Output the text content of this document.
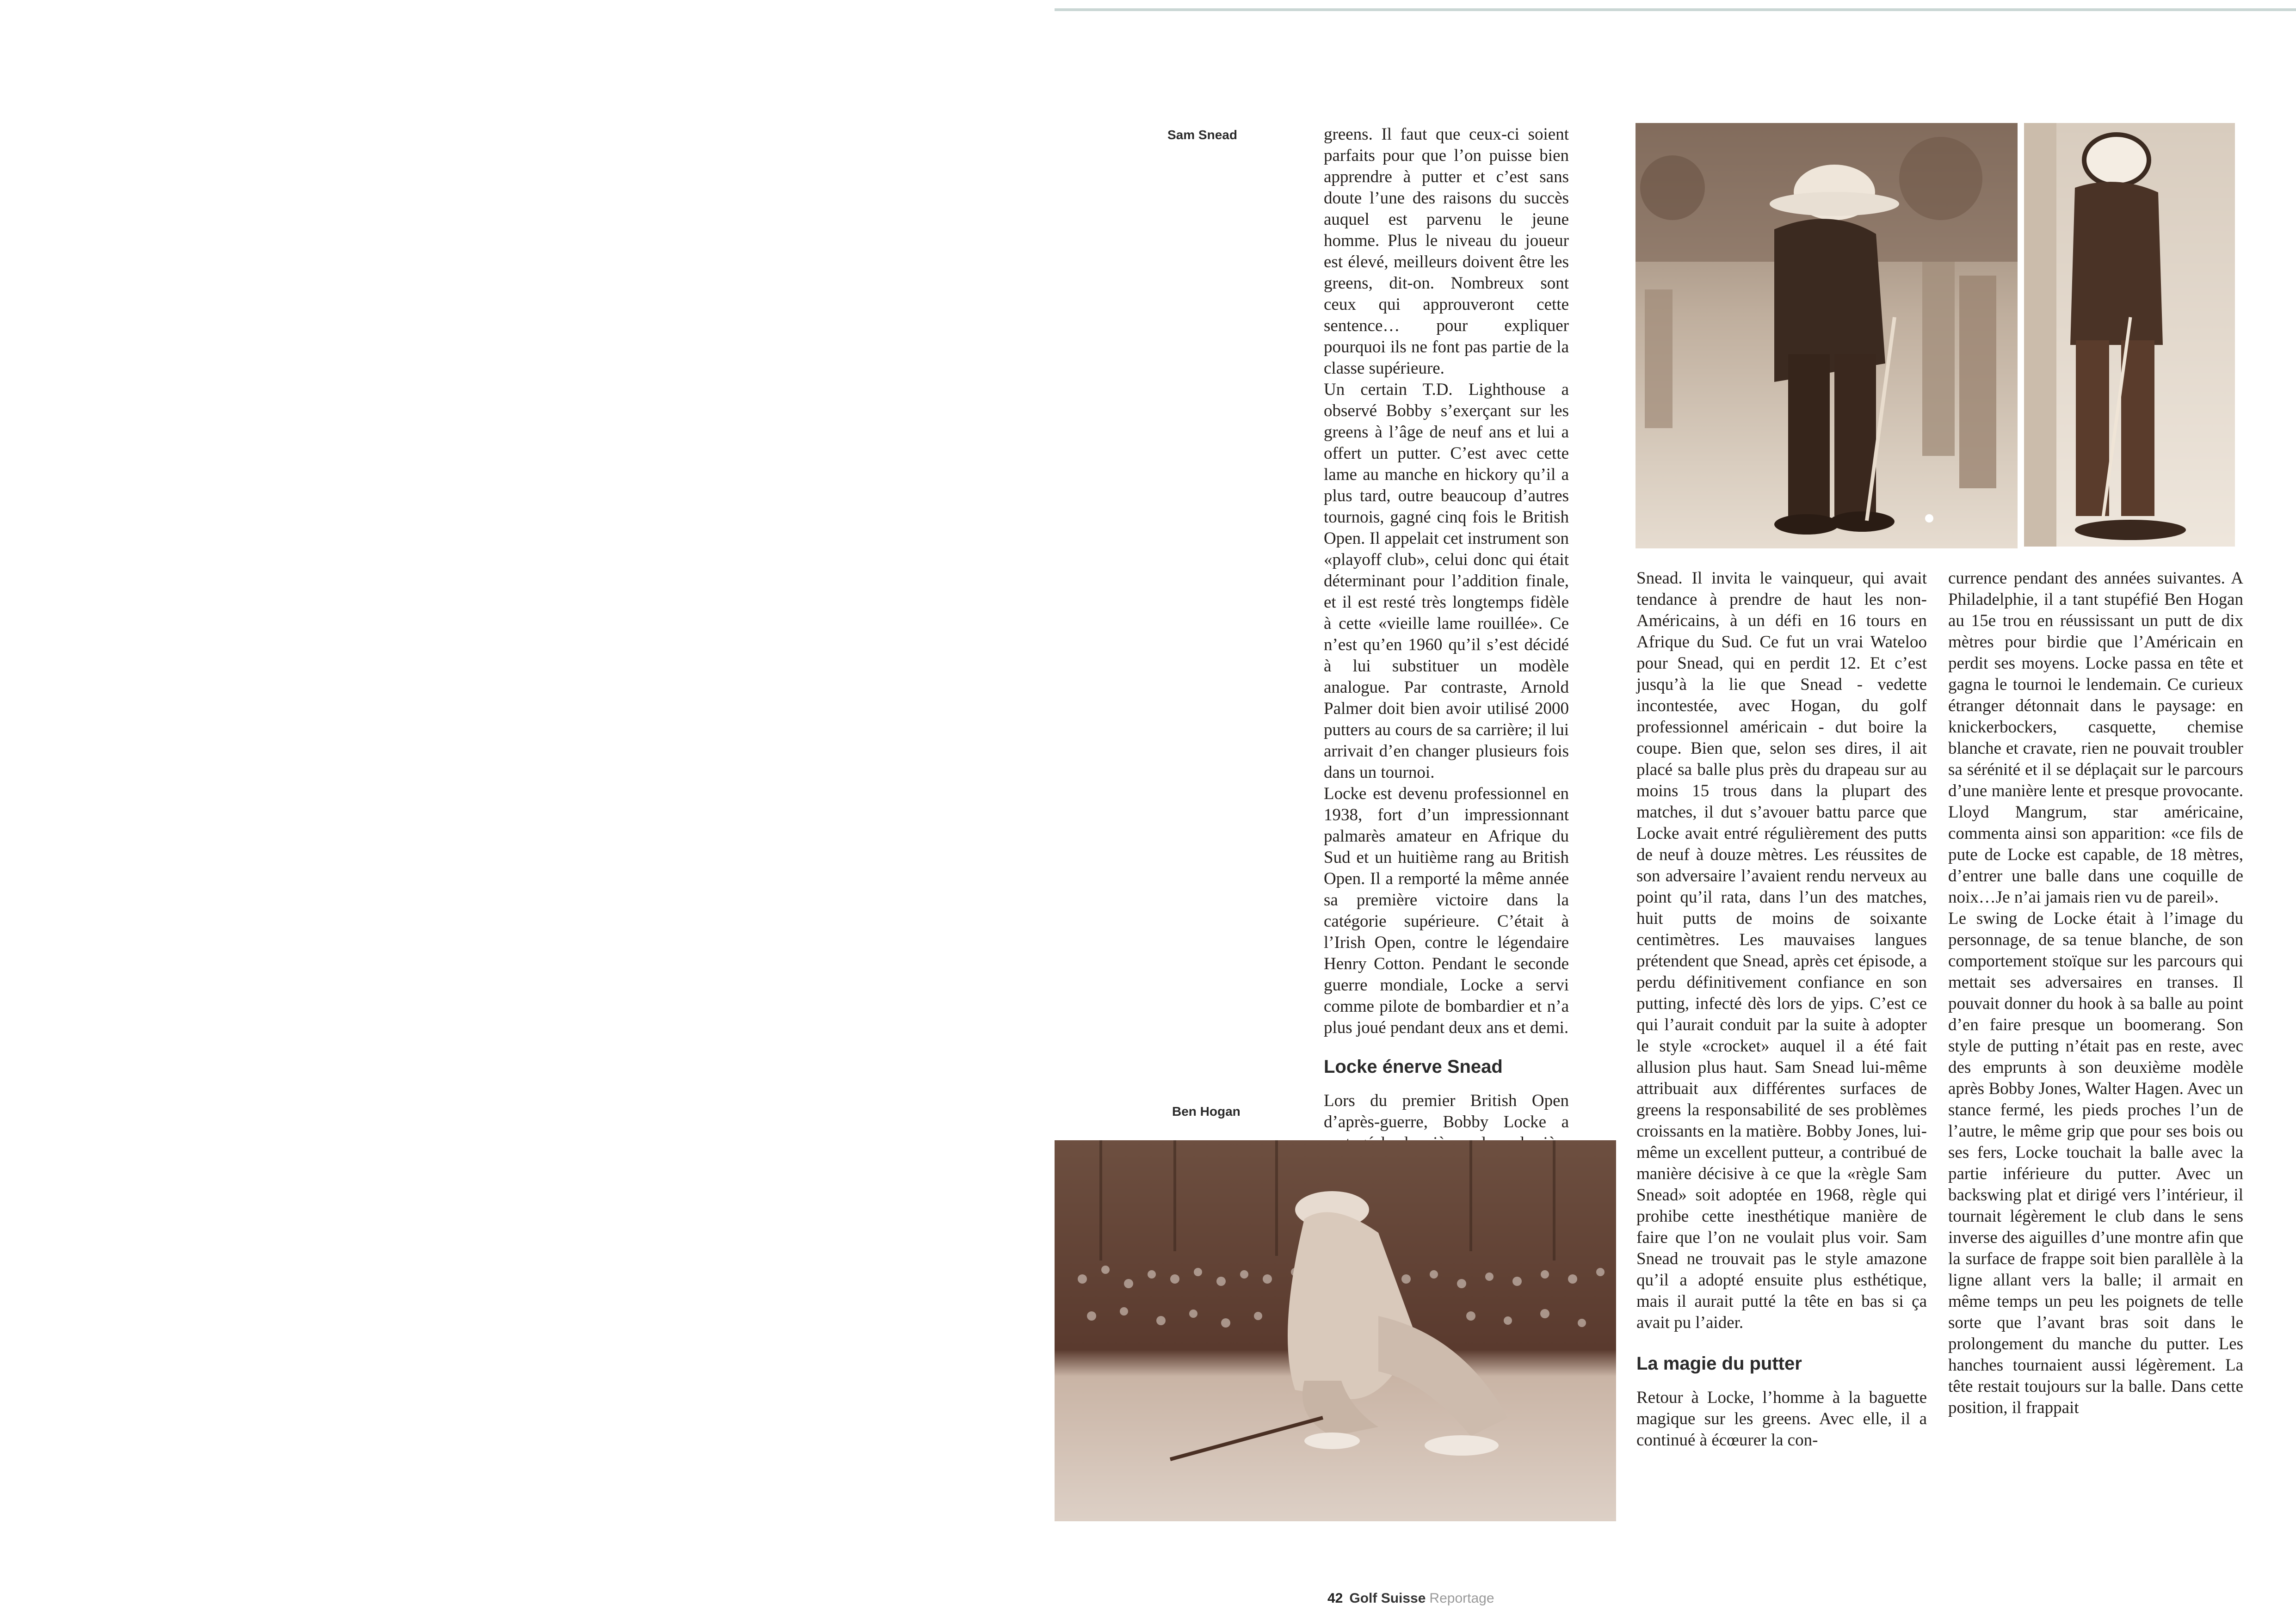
Sam Snead
Ben Hogan

greens. Il faut que ceux-ci soient parfaits pour que l’on puisse bien apprendre à putter et c’est sans doute l’une des raisons du succès auquel est parvenu le jeune homme. Plus le niveau du joueur est élevé, meilleurs doivent être les greens, dit-on. Nombreux sont ceux qui approuveront cette sentence… pour expliquer pourquoi ils ne font pas partie de la classe supérieure.

Un certain T.D. Lighthouse a observé Bobby s’exerçant sur les greens à l’âge de neuf ans et lui a offert un putter. C’est avec cette lame au manche en hickory qu’il a plus tard, outre beaucoup d’autres tournois, gagné cinq fois le British Open. Il appelait cet instrument son «playoff club», celui donc qui était déterminant pour l’addition finale, et il est resté très longtemps fidèle à cette «vieille lame rouillée». Ce n’est qu’en 1960 qu’il s’est décidé à lui substituer un modèle analogue. Par contraste, Arnold Palmer doit bien avoir utilisé 2000 putters au cours de sa carrière; il lui arrivait d’en changer plusieurs fois dans un tournoi.

Locke est devenu professionnel en 1938, fort d’un impressionnant palmarès amateur en Afrique du Sud et un huitième rang au British Open. Il a remporté la même année sa première victoire dans la catégorie supérieure. C’était à l’Irish Open, contre le légendaire Henry Cotton. Pendant le seconde guerre mondiale, Locke a servi comme pilote de bombardier et n’a plus joué pendant deux ans et demi.

Locke énerve Snead

Lors du premier British Open d’après-guerre, Bobby Locke a

Snead. Il invita le vainqueur, qui avait tendance à prendre de haut les non-Américains, à un défi en 16 tours en Afrique du Sud. Ce fut un vrai Wateloo pour Snead, qui en perdit 12. Et c’est jusqu’à la lie que Snead - vedette incontestée, avec Hogan, du golf professionnel américain - dut boire la coupe. Bien que, selon ses dires, il ait placé sa balle plus près du drapeau sur au moins 15 trous dans la plupart des matches, il dut s’avouer battu parce que Locke avait entré régulièrement des putts de neuf à douze mètres. Les réussites de son adversaire l’avaient rendu nerveux au point qu’il rata, dans l’un des matches, huit putts de moins de soixante centimètres. Les mauvaises langues prétendent que Snead, après cet épisode, a perdu définitivement confiance en son putting, infecté dès lors de yips. C’est ce qui l’aurait conduit par la suite à adopter le style «crocket» auquel il a été fait allusion plus haut. Sam Snead lui-même attribuait aux différentes surfaces de greens la responsabilité de ses problèmes croissants en la matière. Bobby Jones, lui-même un excellent putteur, a contribué de manière décisive à ce que la «règle Sam Snead» soit adoptée en 1968, règle qui prohibe cette inesthétique manière de faire que l’on ne voulait plus voir. Sam Snead ne trouvait pas le style amazone qu’il a adopté ensuite plus esthétique, mais il aurait putté la tête en bas si ça avait pu l’aider.

La magie du putter

Retour à Locke, l’homme à la baguette magique sur les greens. Avec elle, il a continué à écœurer la con-

currence pendant des années suivantes. A Philadelphie, il a tant stupéfié Ben Hogan au 15e trou en réussissant un putt de dix mètres pour birdie que l’Américain en perdit ses moyens. Locke passa en tête et gagna le tournoi le lendemain. Ce curieux étranger détonnait dans le paysage: en knickerbockers, casquette, chemise blanche et cravate, rien ne pouvait troubler sa sérénité et il se déplaçait sur le parcours d’une manière lente et presque provocante. Lloyd Mangrum, star américaine, commenta ainsi son apparition: «ce fils de pute de Locke est capable, de 18 mètres, d’entrer une balle dans une coquille de noix…Je n’ai jamais rien vu de pareil».

Le swing de Locke était à l’image du personnage, de sa tenue blanche, de son comportement stoïque sur les parcours qui mettait ses adversaires en transes. Il pouvait donner du hook à sa balle au point d’en faire presque un boomerang. Son style de putting n’était pas en reste, avec des emprunts à son deuxième modèle après Bobby Jones, Walter Hagen. Avec un stance fermé, les pieds proches l’un de l’autre, le même grip que pour ses bois ou ses fers, Locke touchait la balle avec la partie inférieure du putter. Avec un backswing plat et dirigé vers l’intérieur, il tournait légèrement le club dans le sens inverse des aiguilles d’une montre afin que la surface de frappe soit bien parallèle à la ligne allant vers la balle; il armait en même temps un peu les poignets de telle sorte que l’avant bras soit dans le prolongement du manche du putter. Les hanches tournaient aussi légèrement. La tête restait toujours sur la balle. Dans cette position, il frappait

42 Golf Suisse Reportage
